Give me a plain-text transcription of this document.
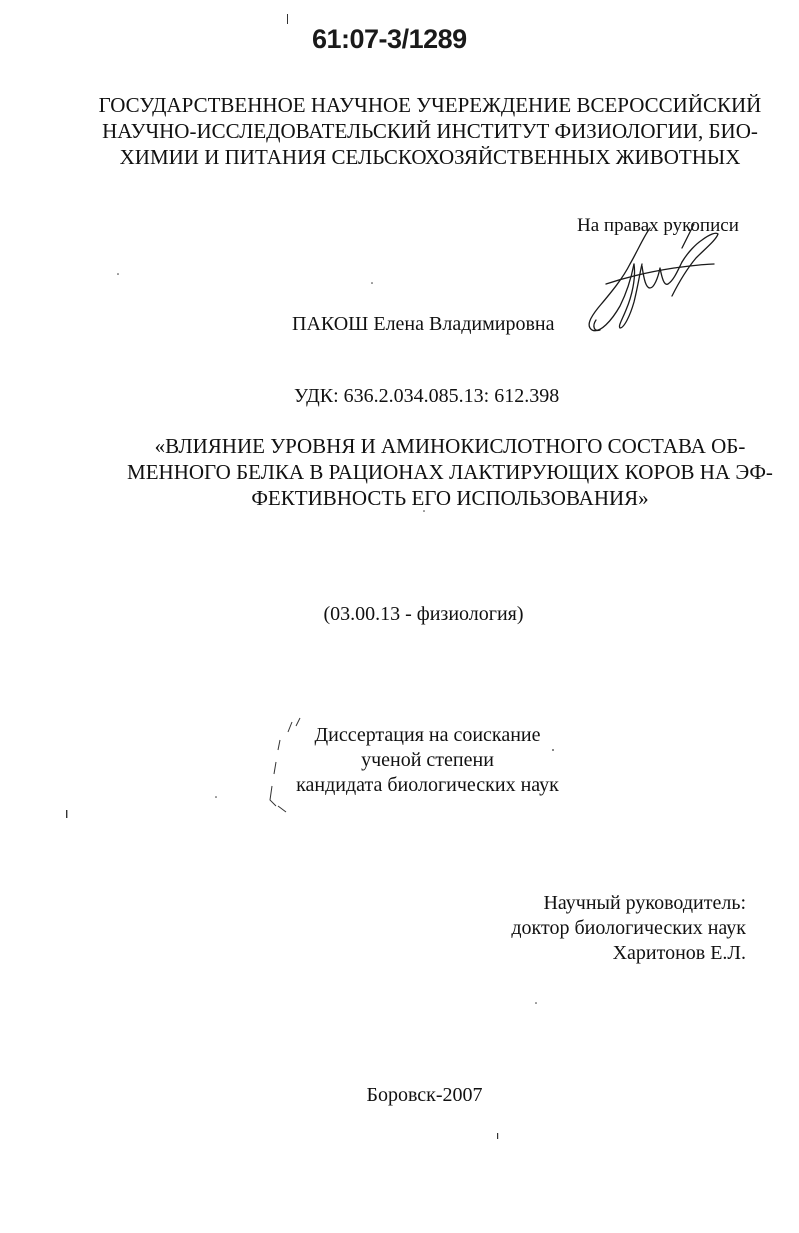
61:07-3/1289
ГОСУДАРСТВЕННОЕ НАУЧНОЕ УЧЕРЕЖДЕНИЕ ВСЕРОССИЙСКИЙ
НАУЧНО-ИССЛЕДОВАТЕЛЬСКИЙ ИНСТИТУТ ФИЗИОЛОГИИ, БИО-
ХИМИИ И ПИТАНИЯ СЕЛЬСКОХОЗЯЙСТВЕННЫХ ЖИВОТНЫХ
На правах рукописи
ПАКОШ Елена Владимировна
УДК: 636.2.034.085.13: 612.398
«ВЛИЯНИЕ УРОВНЯ И АМИНОКИСЛОТНОГО СОСТАВА ОБ-
МЕННОГО БЕЛКА В РАЦИОНАХ ЛАКТИРУЮЩИХ КОРОВ НА ЭФ-
ФЕКТИВНОСТЬ ЕГО ИСПОЛЬЗОВАНИЯ»
(03.00.13 - физиология)
Диссертация на соискание
ученой степени
кандидата биологических наук
Научный руководитель:
доктор биологических наук
Харитонов Е.Л.
Боровск-2007
